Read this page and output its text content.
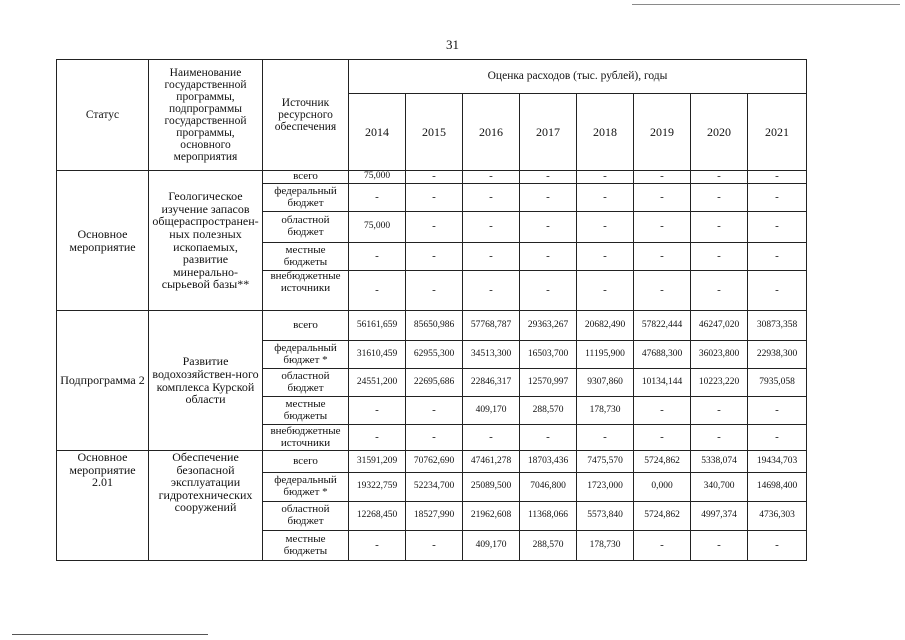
31
Статус	Наименование государственной программы, подпрограммы государственной программы, основного мероприятия	Источник ресурсного обеспечения	Оценка расходов (тыс. рублей), годы							
			2014	2015	2016	2017	2018	2019	2020	2021
Основное мероприятие	Геологическое изучение запасов общераспространен-ных полезных ископаемых, развитие минерально-сырьевой базы**	всего	75,000	-	-	-	-	-	-	-
		федеральный бюджет	-	-	-	-	-	-	-	-
		областной бюджет	75,000	-	-	-	-	-	-	-
		местные бюджеты	-	-	-	-	-	-	-	-
		внебюджетные источники	-	-	-	-	-	-	-	-
Подпрограмма 2	Развитие водохозяйствен-ного комплекса Курской области	всего	56161,659	85650,986	57768,787	29363,267	20682,490	57822,444	46247,020	30873,358
		федеральный бюджет *	31610,459	62955,300	34513,300	16503,700	11195,900	47688,300	36023,800	22938,300
		областной бюджет	24551,200	22695,686	22846,317	12570,997	9307,860	10134,144	10223,220	7935,058
		местные бюджеты	-	-	409,170	288,570	178,730	-	-	-
		внебюджетные источники	-	-	-	-	-	-	-	-
Основное мероприятие 2.01	Обеспечение безопасной эксплуатации гидротехнических сооружений	всего	31591,209	70762,690	47461,278	18703,436	7475,570	5724,862	5338,074	19434,703
		федеральный бюджет *	19322,759	52234,700	25089,500	7046,800	1723,000	0,000	340,700	14698,400
		областной бюджет	12268,450	18527,990	21962,608	11368,066	5573,840	5724,862	4997,374	4736,303
		местные бюджеты	-	-	409,170	288,570	178,730	-	-	-
